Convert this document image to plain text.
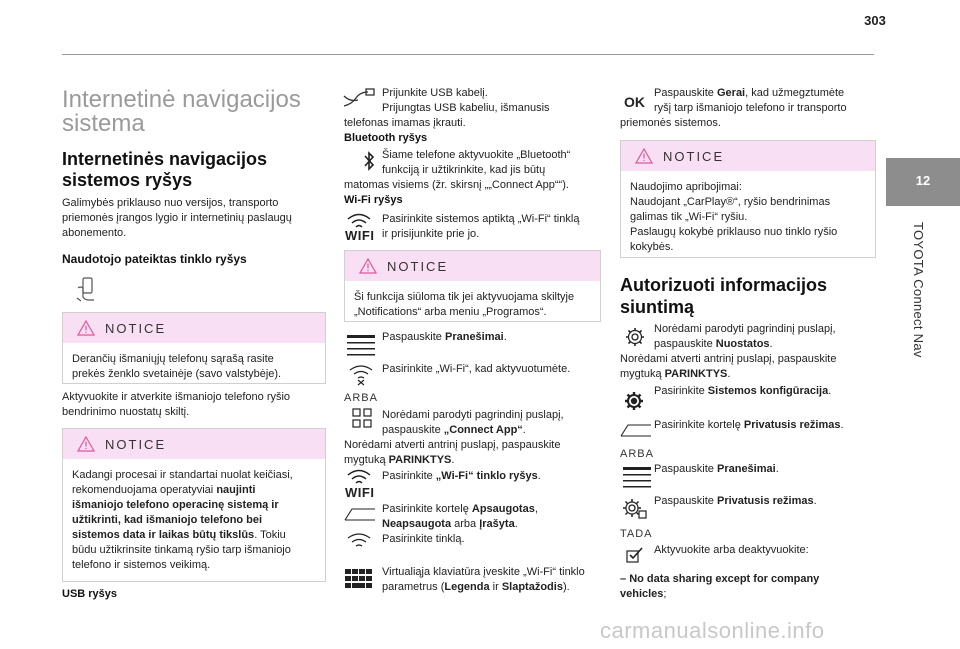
303
12
TOYOTA Connect Nav
Internetinė navigacijos
sistema
Internetinės navigacijos
sistemos ryšys
Galimybės priklauso nuo versijos, transporto
priemonės įrangos lygio ir internetinių paslaugų
abonemento.
Naudotojo pateiktas tinklo ryšys
NOTICE
Derančių išmaniųjų telefonų sąrašą rasite
prekės ženklo svetainėje (savo valstybėje).
Aktyvuokite ir atverkite išmaniojo telefono ryšio
bendrinimo nuostatų skiltį.
NOTICE
Kadangi procesai ir standartai nuolat keičiasi,
rekomenduojama operatyviai naujinti
išmaniojo telefono operacinę sistemą ir
užtikrinti, kad išmaniojo telefono bei
sistemos data ir laikas būtų tikslūs. Tokiu
būdu užtikrinsite tinkamą ryšio tarp išmaniojo
telefono ir sistemos veikimą.
USB ryšys
Prijunkite USB kabelį.
Prijungtas USB kabeliu, išmanusis
telefonas imamas įkrauti.
Bluetooth ryšys
Šiame telefone aktyvuokite „Bluetooth“
funkciją ir užtikrinkite, kad jis būtų
matomas visiems (žr. skirsnį „„Connect App““).
Wi-Fi ryšys
WIFI
Pasirinkite sistemos aptiktą „Wi-Fi“ tinklą
ir prisijunkite prie jo.
NOTICE
Ši funkcija siūloma tik jei aktyvuojama skiltyje
„Notifications“ arba meniu „Programos“.
Paspauskite Pranešimai.
Pasirinkite „Wi-Fi“, kad aktyvuotumėte.
ARBA
Norėdami parodyti pagrindinį puslapį,
paspauskite „Connect App“.
Norėdami atverti antrinį puslapį, paspauskite
mygtuką PARINKTYS.
WIFI
Pasirinkite „Wi-Fi“ tinklo ryšys.
Pasirinkite kortelę Apsaugotas,
Neapsaugota arba Įrašyta.
Pasirinkite tinklą.
Virtualiąja klaviatūra įveskite „Wi-Fi“ tinklo
parametrus (Legenda ir Slaptažodis).
OK
Paspauskite Gerai, kad užmegztumėte
ryšį tarp išmaniojo telefono ir transporto
priemonės sistemos.
NOTICE
Naudojimo apribojimai:
Naudojant „CarPlay®“, ryšio bendrinimas
galimas tik „Wi-Fi“ ryšiu.
Paslaugų kokybė priklauso nuo tinklo ryšio
kokybės.
Autorizuoti informacijos
siuntimą
Norėdami parodyti pagrindinį puslapį,
paspauskite Nuostatos.
Norėdami atverti antrinį puslapį, paspauskite
mygtuką PARINKTYS.
Pasirinkite Sistemos konfigūracija.
Pasirinkite kortelę Privatusis režimas.
ARBA
Paspauskite Pranešimai.
Paspauskite Privatusis režimas.
TADA
Aktyvuokite arba deaktyvuokite:
– No data sharing except for company
vehicles;
carmanualsonline.info
